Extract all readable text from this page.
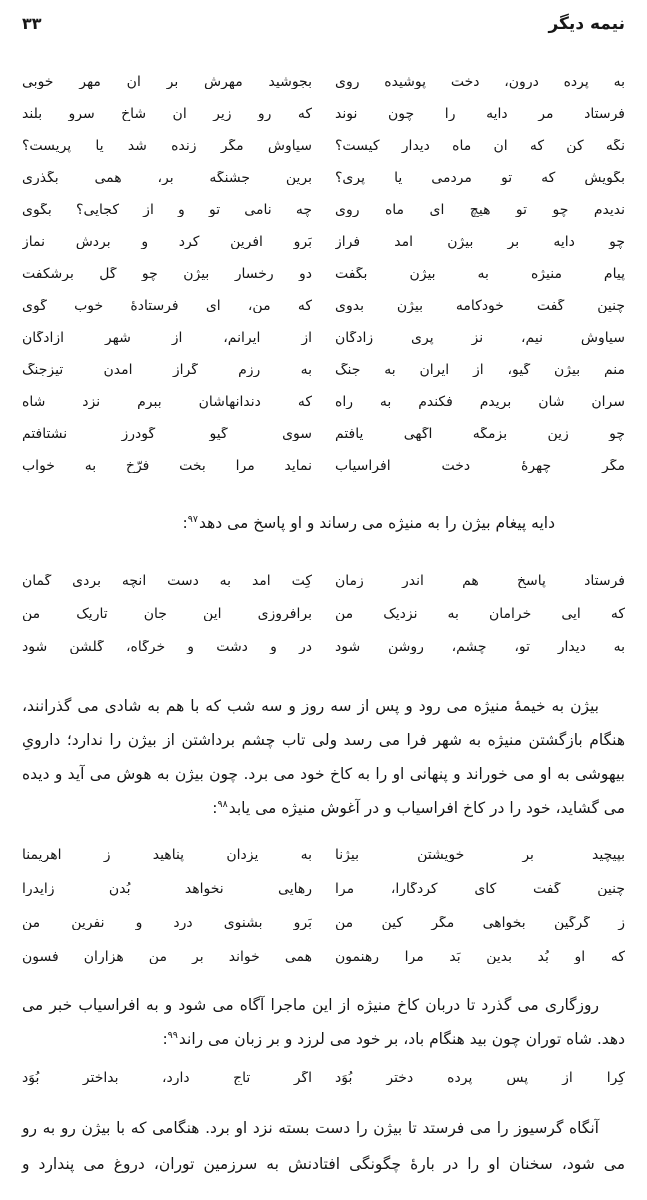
نیمه دیگر
۳۳
به پرده درون، دخت پوشیده روی
بجوشید مهرش بر آن مهر خوبی
فرستاد مر دایه را چون نوند
که رو زیر آن شاخ سروِ بلند
نگه کن که آن ماه دیدار کیست؟
سیاوش مگر زنده شد یا پریست؟
بگویش که تو مردمی یا پری؟
برین جشنگه بر، همی بگذری
ندیدم چو تو هیچ ای ماه روی
چه نامی تو و از کجایی؟ بگوی
چو دایه بر بیژن آمد فراز
بَرو آفرین کرد و بردش نماز
پیام منیژه به بیژن بگفت
دو رخسار بیژن چو گل برشکفت
چنین گفت خودکامه بیژن بدوی
که من، ای فرستادۀ خوب گوی
سیاوش نیم، نز پری زادگان
از ایرانم، از شهر آزادگان
منم بیژنِ گیو، از ایران به جنگ
به رزم گراز آمدن تیزجنگ
سران شان بریدم فکندم به راه
که دندانهاشان ببرم نزد شاه
چو زین بزمگه آگهی یافتم
سویِ گیوِ گودرز نشتافتم
مگر چهرۀ دخت افراسیاب
نماید مرا بخت فرّخ به خواب

دایه پیغام بیژن را به منیژه می رساند و او پاسخ می دهد$^{۹۷}$:

فرستاد پاسخ هم اندر زمان
کِت آمد به دست آنچه بردی گمان
که آیی خرامان به نزدیک من
برافروزی این جان تاریک من
به دیدار تو، چشم، روشن شود
در و دشت و خرگاه، گلشن شود

بیژن به خیمۀ منیژه می رود و پس از سه روز و سه شب که با هم به شادی می گذرانند، هنگام بازگشتن منیژه به شهر فرا می رسد ولی تاب چشم برداشتن از بیژن را ندارد؛ دارویِ بیهوشی به او می خوراند و پنهانی او را به کاخ خود می برد. چون بیژن به هوش می آید و دیده می گشاید، خود را در کاخ افراسیاب و در آغوش منیژه می یابد$^{۹۸}$:

بپیچید بر خویشتن بیژنا
به یزدان پناهید ز اهریمنا
چنین گفت کای کردگارا، مرا
رهایی نخواهد بُدن زایدرا
ز گرگین بخواهی مگر کین من
بَرو بشنوی درد و نفرین من
که او بُد بدین بَد مرا رهنمون
همی خواند بر من هزاران فسون

روزگاری می گذرد تا دربان کاخ منیژه از این ماجرا آگاه می شود و به افراسیاب خبر می دهد. شاه توران چون بید هنگام باد، بر خود می لرزد و بر زبان می راند$^{۹۹}$:

کِرا از پسِ پرده دختر بُوَد
اگر تاج دارد، بداختر بُوَد

آنگاه گرسیوز را می فرستد تا بیژن را دست بسته نزد او برد. هنگامی که با بیژن رو به رو می شود، سخنان او را در بارۀ چگونگی افتادنش به سرزمین توران، دروغ می پندارد و
